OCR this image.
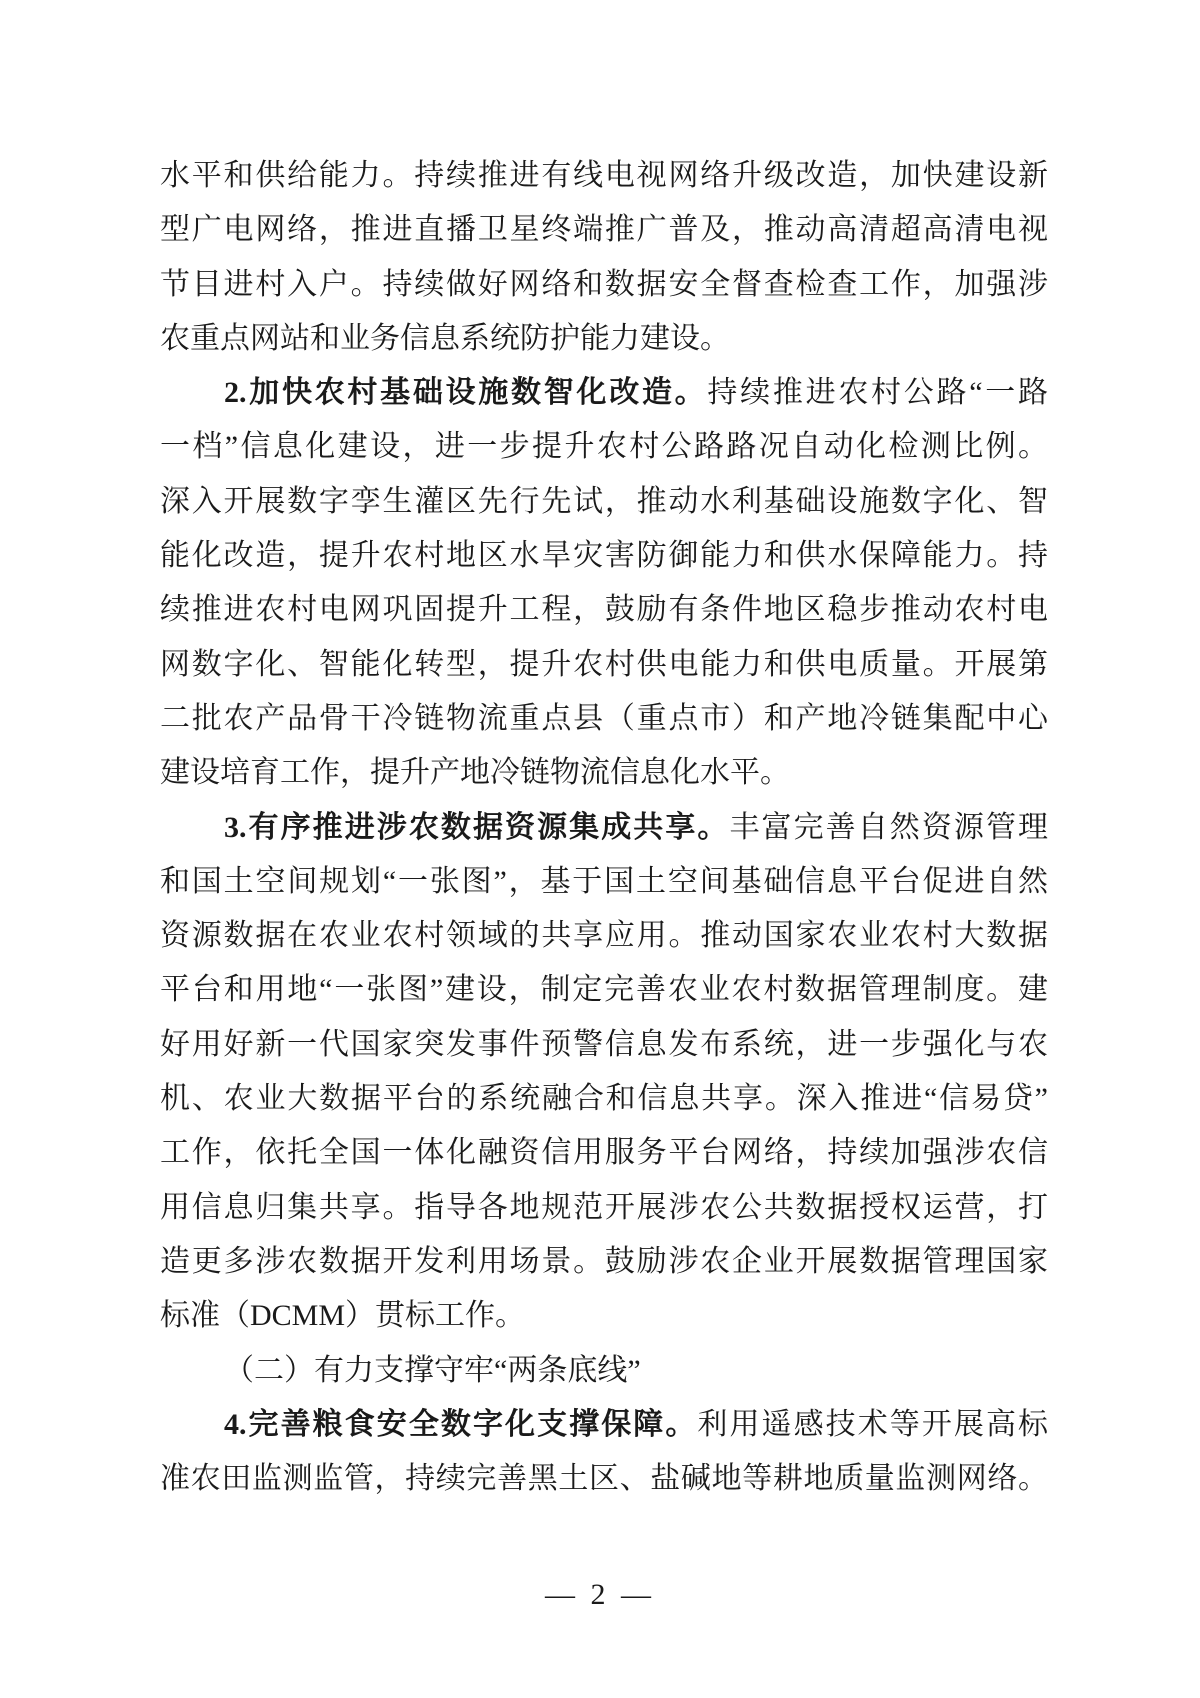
水平和供给能力。持续推进有线电视网络升级改造，加快建设新
型广电网络，推进直播卫星终端推广普及，推动高清超高清电视
节目进村入户。持续做好网络和数据安全督查检查工作，加强涉
农重点网站和业务信息系统防护能力建设。
2.加快农村基础设施数智化改造。持续推进农村公路“一路
一档”信息化建设，进一步提升农村公路路况自动化检测比例。
深入开展数字孪生灌区先行先试，推动水利基础设施数字化、智
能化改造，提升农村地区水旱灾害防御能力和供水保障能力。持
续推进农村电网巩固提升工程，鼓励有条件地区稳步推动农村电
网数字化、智能化转型，提升农村供电能力和供电质量。开展第
二批农产品骨干冷链物流重点县（重点市）和产地冷链集配中心
建设培育工作，提升产地冷链物流信息化水平。
3.有序推进涉农数据资源集成共享。丰富完善自然资源管理
和国土空间规划“一张图”，基于国土空间基础信息平台促进自然
资源数据在农业农村领域的共享应用。推动国家农业农村大数据
平台和用地“一张图”建设，制定完善农业农村数据管理制度。建
好用好新一代国家突发事件预警信息发布系统，进一步强化与农
机、农业大数据平台的系统融合和信息共享。深入推进“信易贷”
工作，依托全国一体化融资信用服务平台网络，持续加强涉农信
用信息归集共享。指导各地规范开展涉农公共数据授权运营，打
造更多涉农数据开发利用场景。鼓励涉农企业开展数据管理国家
标准（DCMM）贯标工作。
（二）有力支撑守牢“两条底线”
4.完善粮食安全数字化支撑保障。利用遥感技术等开展高标
准农田监测监管，持续完善黑土区、盐碱地等耕地质量监测网络。
— 2 —
